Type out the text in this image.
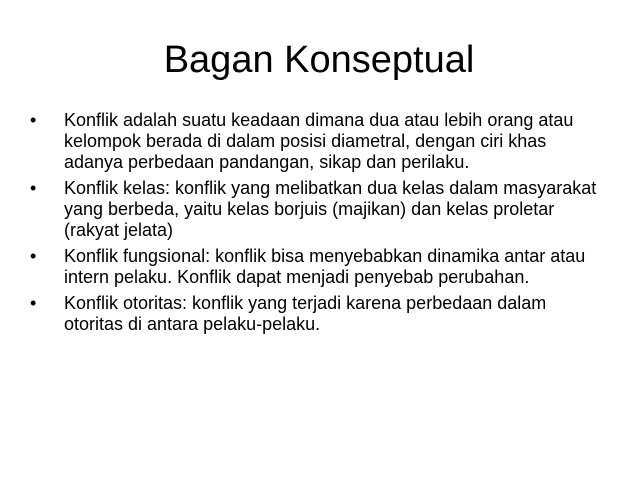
Bagan Konseptual
•	Konflik adalah suatu keadaan dimana dua atau lebih orang atau kelompok berada di dalam posisi diametral, dengan ciri khas adanya perbedaan pandangan, sikap dan perilaku.
•	Konflik kelas: konflik yang melibatkan dua kelas dalam masyarakat yang berbeda, yaitu kelas borjuis (majikan) dan kelas proletar (rakyat jelata)
•	Konflik fungsional: konflik bisa menyebabkan dinamika antar atau intern pelaku. Konflik dapat menjadi penyebab perubahan.
•	Konflik otoritas: konflik yang terjadi karena perbedaan dalam otoritas di antara pelaku-pelaku.
